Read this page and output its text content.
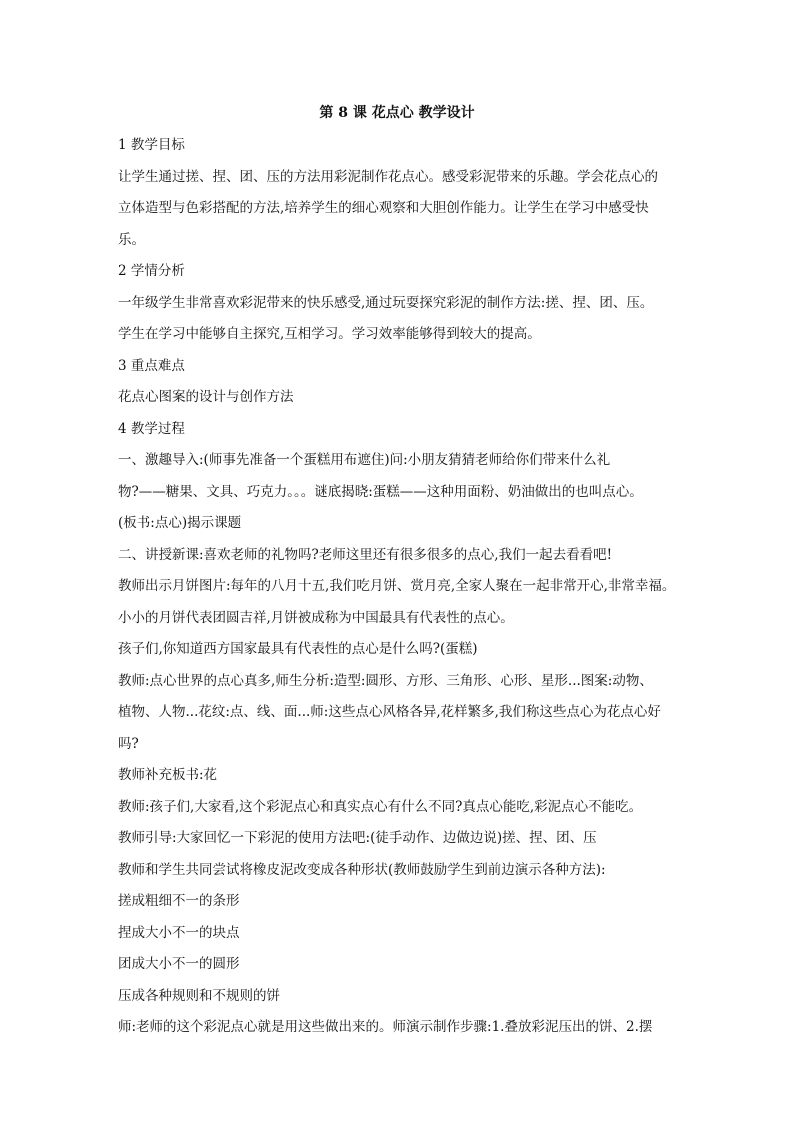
第 8 课 花点心 教学设计

1 教学目标

让学生通过搓、捏、团、压的方法用彩泥制作花点心。感受彩泥带来的乐趣。学会花点心的

立体造型与色彩搭配的方法,培养学生的细心观察和大胆创作能力。让学生在学习中感受快

乐。

2 学情分析

一年级学生非常喜欢彩泥带来的快乐感受,通过玩耍探究彩泥的制作方法:搓、捏、团、压。

学生在学习中能够自主探究,互相学习。学习效率能够得到较大的提高。

3 重点难点

花点心图案的设计与创作方法

4 教学过程

一、激趣导入:(师事先准备一个蛋糕用布遮住)问:小朋友猜猜老师给你们带来什么礼

物?——糖果、文具、巧克力。。。谜底揭晓:蛋糕——这种用面粉、奶油做出的也叫点心。

(板书:点心)揭示课题

二、讲授新课:喜欢老师的礼物吗?老师这里还有很多很多的点心,我们一起去看看吧!

教师出示月饼图片:每年的八月十五,我们吃月饼、赏月亮,全家人聚在一起非常开心,非常幸福。

小小的月饼代表团圆吉祥,月饼被成称为中国最具有代表性的点心。

孩子们,你知道西方国家最具有代表性的点心是什么吗?(蛋糕)

教师:点心世界的点心真多,师生分析:造型:圆形、方形、三角形、心形、星形...图案:动物、

植物、人物...花纹:点、线、面...师:这些点心风格各异,花样繁多,我们称这些点心为花点心好

吗?

教师补充板书:花

教师:孩子们,大家看,这个彩泥点心和真实点心有什么不同?真点心能吃,彩泥点心不能吃。

教师引导:大家回忆一下彩泥的使用方法吧:(徒手动作、边做边说)搓、捏、团、压

教师和学生共同尝试将橡皮泥改变成各种形状(教师鼓励学生到前边演示各种方法):

搓成粗细不一的条形

捏成大小不一的块点

团成大小不一的圆形

压成各种规则和不规则的饼

师:老师的这个彩泥点心就是用这些做出来的。师演示制作步骤:1.叠放彩泥压出的饼、2.摆
